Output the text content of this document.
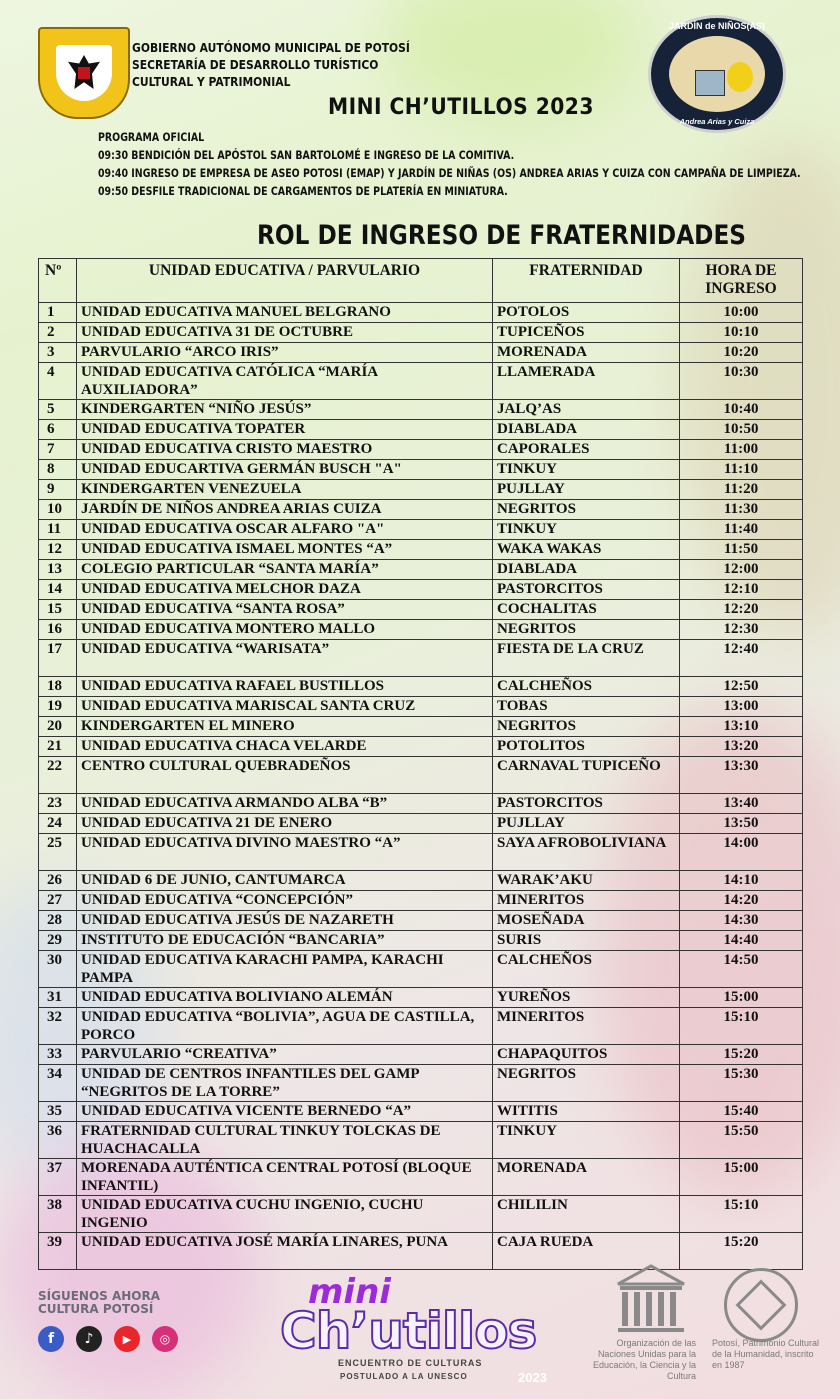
GOBIERNO AUTÓNOMO MUNICIPAL DE POTOSÍ
SECRETARÍA DE DESARROLLO TURÍSTICO
CULTURAL Y PATRIMONIAL
MINI CH’UTILLOS 2023
JARDÍN de NIÑOS(AS)
Andrea Arias y Cuiza
PROGRAMA OFICIAL
09:30 BENDICIÓN DEL APÓSTOL SAN BARTOLOMÉ E INGRESO DE LA COMITIVA.
09:40 INGRESO DE EMPRESA DE ASEO POTOSI (EMAP) Y JARDÍN DE NIÑAS (OS) ANDREA ARIAS Y CUIZA CON CAMPAÑA DE LIMPIEZA.
09:50 DESFILE TRADICIONAL DE CARGAMENTOS DE PLATERÍA EN MINIATURA.
ROL DE INGRESO DE FRATERNIDADES
Nº	UNIDAD EDUCATIVA / PARVULARIO	FRATERNIDAD	HORA DE INGRESO
1	UNIDAD EDUCATIVA MANUEL BELGRANO	POTOLOS	10:00
2	UNIDAD EDUCATIVA 31 DE OCTUBRE	TUPICEÑOS	10:10
3	PARVULARIO “ARCO IRIS”	MORENADA	10:20
4	UNIDAD EDUCATIVA CATÓLICA “MARÍA AUXILIADORA”	LLAMERADA	10:30
5	KINDERGARTEN “NIÑO JESÚS”	JALQ’AS	10:40
6	UNIDAD EDUCATIVA TOPATER	DIABLADA	10:50
7	UNIDAD EDUCATIVA CRISTO MAESTRO	CAPORALES	11:00
8	UNIDAD EDUCARTIVA GERMÁN BUSCH "A"	TINKUY	11:10
9	KINDERGARTEN VENEZUELA	PUJLLAY	11:20
10	JARDÍN DE NIÑOS ANDREA ARIAS CUIZA	NEGRITOS	11:30
11	UNIDAD EDUCATIVA OSCAR ALFARO "A"	TINKUY	11:40
12	UNIDAD EDUCATIVA ISMAEL MONTES “A”	WAKA WAKAS	11:50
13	COLEGIO PARTICULAR “SANTA MARÍA”	DIABLADA	12:00
14	UNIDAD EDUCATIVA MELCHOR DAZA	PASTORCITOS	12:10
15	UNIDAD EDUCATIVA “SANTA ROSA”	COCHALITAS	12:20
16	UNIDAD EDUCATIVA MONTERO MALLO	NEGRITOS	12:30
17	UNIDAD EDUCATIVA “WARISATA”	FIESTA DE LA CRUZ	12:40
18	UNIDAD EDUCATIVA RAFAEL BUSTILLOS	CALCHEÑOS	12:50
19	UNIDAD EDUCATIVA MARISCAL SANTA CRUZ	TOBAS	13:00
20	KINDERGARTEN EL MINERO	NEGRITOS	13:10
21	UNIDAD EDUCATIVA CHACA VELARDE	POTOLITOS	13:20
22	CENTRO CULTURAL QUEBRADEÑOS	CARNAVAL TUPICEÑO	13:30
23	UNIDAD EDUCATIVA ARMANDO ALBA “B”	PASTORCITOS	13:40
24	UNIDAD EDUCATIVA 21 DE ENERO	PUJLLAY	13:50
25	UNIDAD EDUCATIVA DIVINO MAESTRO “A”	SAYA AFROBOLIVIANA	14:00
26	UNIDAD 6 DE JUNIO, CANTUMARCA	WARAK’AKU	14:10
27	UNIDAD EDUCATIVA “CONCEPCIÓN”	MINERITOS	14:20
28	UNIDAD EDUCATIVA JESÚS DE NAZARETH	MOSEÑADA	14:30
29	INSTITUTO DE EDUCACIÓN “BANCARIA”	SURIS	14:40
30	UNIDAD EDUCATIVA KARACHI PAMPA, KARACHI PAMPA	CALCHEÑOS	14:50
31	UNIDAD EDUCATIVA BOLIVIANO ALEMÁN	YUREÑOS	15:00
32	UNIDAD EDUCATIVA “BOLIVIA”, AGUA DE CASTILLA, PORCO	MINERITOS	15:10
33	PARVULARIO “CREATIVA”	CHAPAQUITOS	15:20
34	UNIDAD DE CENTROS INFANTILES DEL GAMP “NEGRITOS DE LA TORRE”	NEGRITOS	15:30
35	UNIDAD EDUCATIVA VICENTE BERNEDO “A”	WITITIS	15:40
36	FRATERNIDAD CULTURAL TINKUY TOLCKAS DE HUACHACALLA	TINKUY	15:50
37	MORENADA AUTÉNTICA CENTRAL POTOSÍ (BLOQUE INFANTIL)	MORENADA	15:00
38	UNIDAD EDUCATIVA CUCHU INGENIO, CUCHU INGENIO	CHILILIN	15:10
39	UNIDAD EDUCATIVA JOSÉ MARÍA LINARES, PUNA	CAJA RUEDA	15:20
SÍGUENOS AHORA
CULTURA POTOSÍ
f	♪	▶	◎
mini
Ch’utillos
ENCUENTRO DE CULTURAS
POSTULADO A LA UNESCO	2023
Organización de las Naciones Unidas para la Educación, la Ciencia y la Cultura
Potosí, Patrimonio Cultural de la Humanidad, inscrito en 1987
